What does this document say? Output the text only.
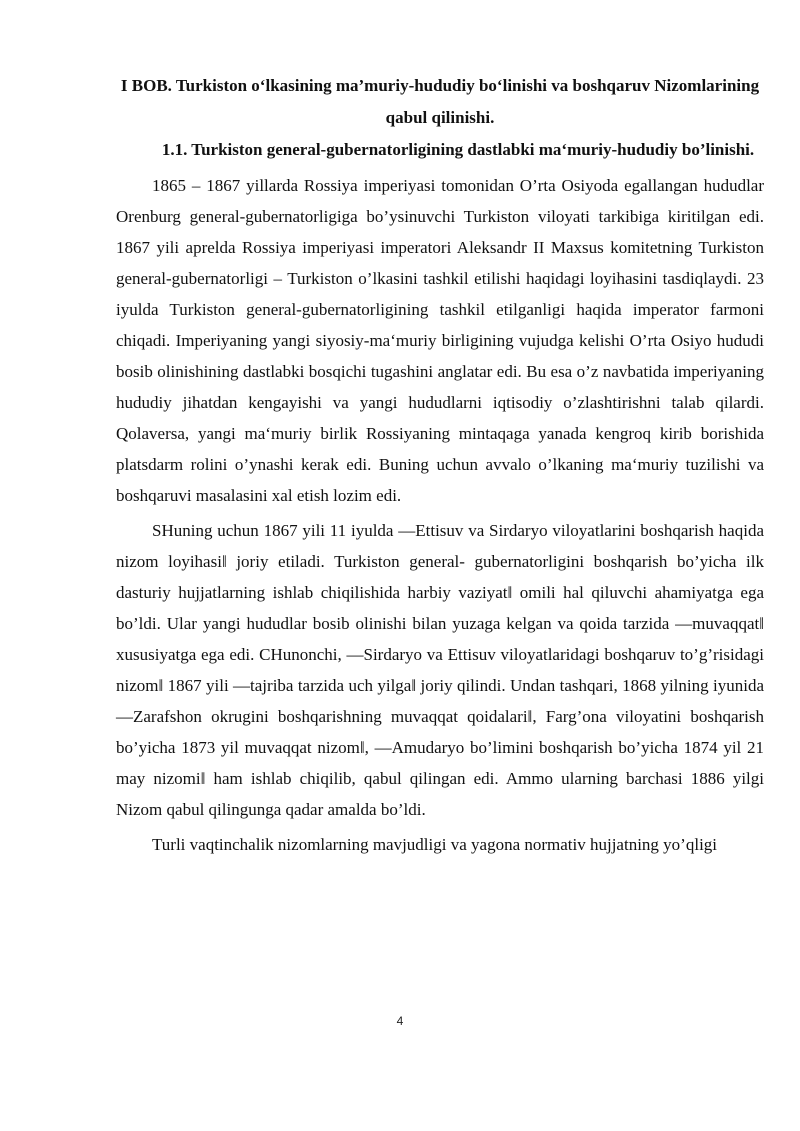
I BOB. Turkiston o‘lkasining ma’muriy-hududiy bo‘linishi va boshqaruv Nizomlarining qabul qilinishi.
1.1. Turkiston general-gubernatorligining dastlabki ma‘muriy-hududiy bo’linishi.

1865 – 1867 yillarda Rossiya imperiyasi tomonidan O’rta Osiyoda egallangan hududlar Orenburg general-gubernatorligiga bo’ysinuvchi Turkiston viloyati tarkibiga kiritilgan edi. 1867 yili aprelda Rossiya imperiyasi imperatori Aleksandr II Maxsus komitetning Turkiston general-gubernatorligi – Turkiston o’lkasini tashkil etilishi haqidagi loyihasini tasdiqlaydi. 23 iyulda Turkiston general-gubernatorligining tashkil etilganligi haqida imperator farmoni chiqadi. Imperiyaning yangi siyosiy-ma‘muriy birligining vujudga kelishi O’rta Osiyo hududi bosib olinishining dastlabki bosqichi tugashini anglatar edi. Bu esa o’z navbatida imperiyaning hududiy jihatdan kengayishi va yangi hududlarni iqtisodiy o’zlashtirishni talab qilardi. Qolaversa, yangi ma‘muriy birlik Rossiyaning mintaqaga yanada kengroq kirib borishida platsdarm rolini o’ynashi kerak edi. Buning uchun avvalo o’lkaning ma‘muriy tuzilishi va boshqaruvi masalasini xal etish lozim edi.

SHuning uchun 1867 yili 11 iyulda ―Ettisuv va Sirdaryo viloyatlarini boshqarish haqida nizom loyihasi‖ joriy etiladi. Turkiston general- gubernatorligini boshqarish bo’yicha ilk dasturiy hujjatlarning ishlab chiqilishida harbiy vaziyat‖ omili hal qiluvchi ahamiyatga ega bo’ldi. Ular yangi hududlar bosib olinishi bilan yuzaga kelgan va qoida tarzida ―muvaqqat‖ xususiyatga ega edi. CHunonchi, ―Sirdaryo va Ettisuv viloyatlaridagi boshqaruv to’g’risidagi nizom‖ 1867 yili ―tajriba tarzida uch yilga‖ joriy qilindi. Undan tashqari, 1868 yilning iyunida ―Zarafshon okrugini boshqarishning muvaqqat qoidalari‖, Farg’ona viloyatini boshqarish bo’yicha 1873 yil muvaqqat nizom‖, ―Amudaryo bo’limini boshqarish bo’yicha 1874 yil 21 may nizomi‖ ham ishlab chiqilib, qabul qilingan edi. Ammo ularning barchasi 1886 yilgi Nizom qabul qilingunga qadar amalda bo’ldi.

Turli vaqtinchalik nizomlarning mavjudligi va yagona normativ hujjatning yo’qligi

4
